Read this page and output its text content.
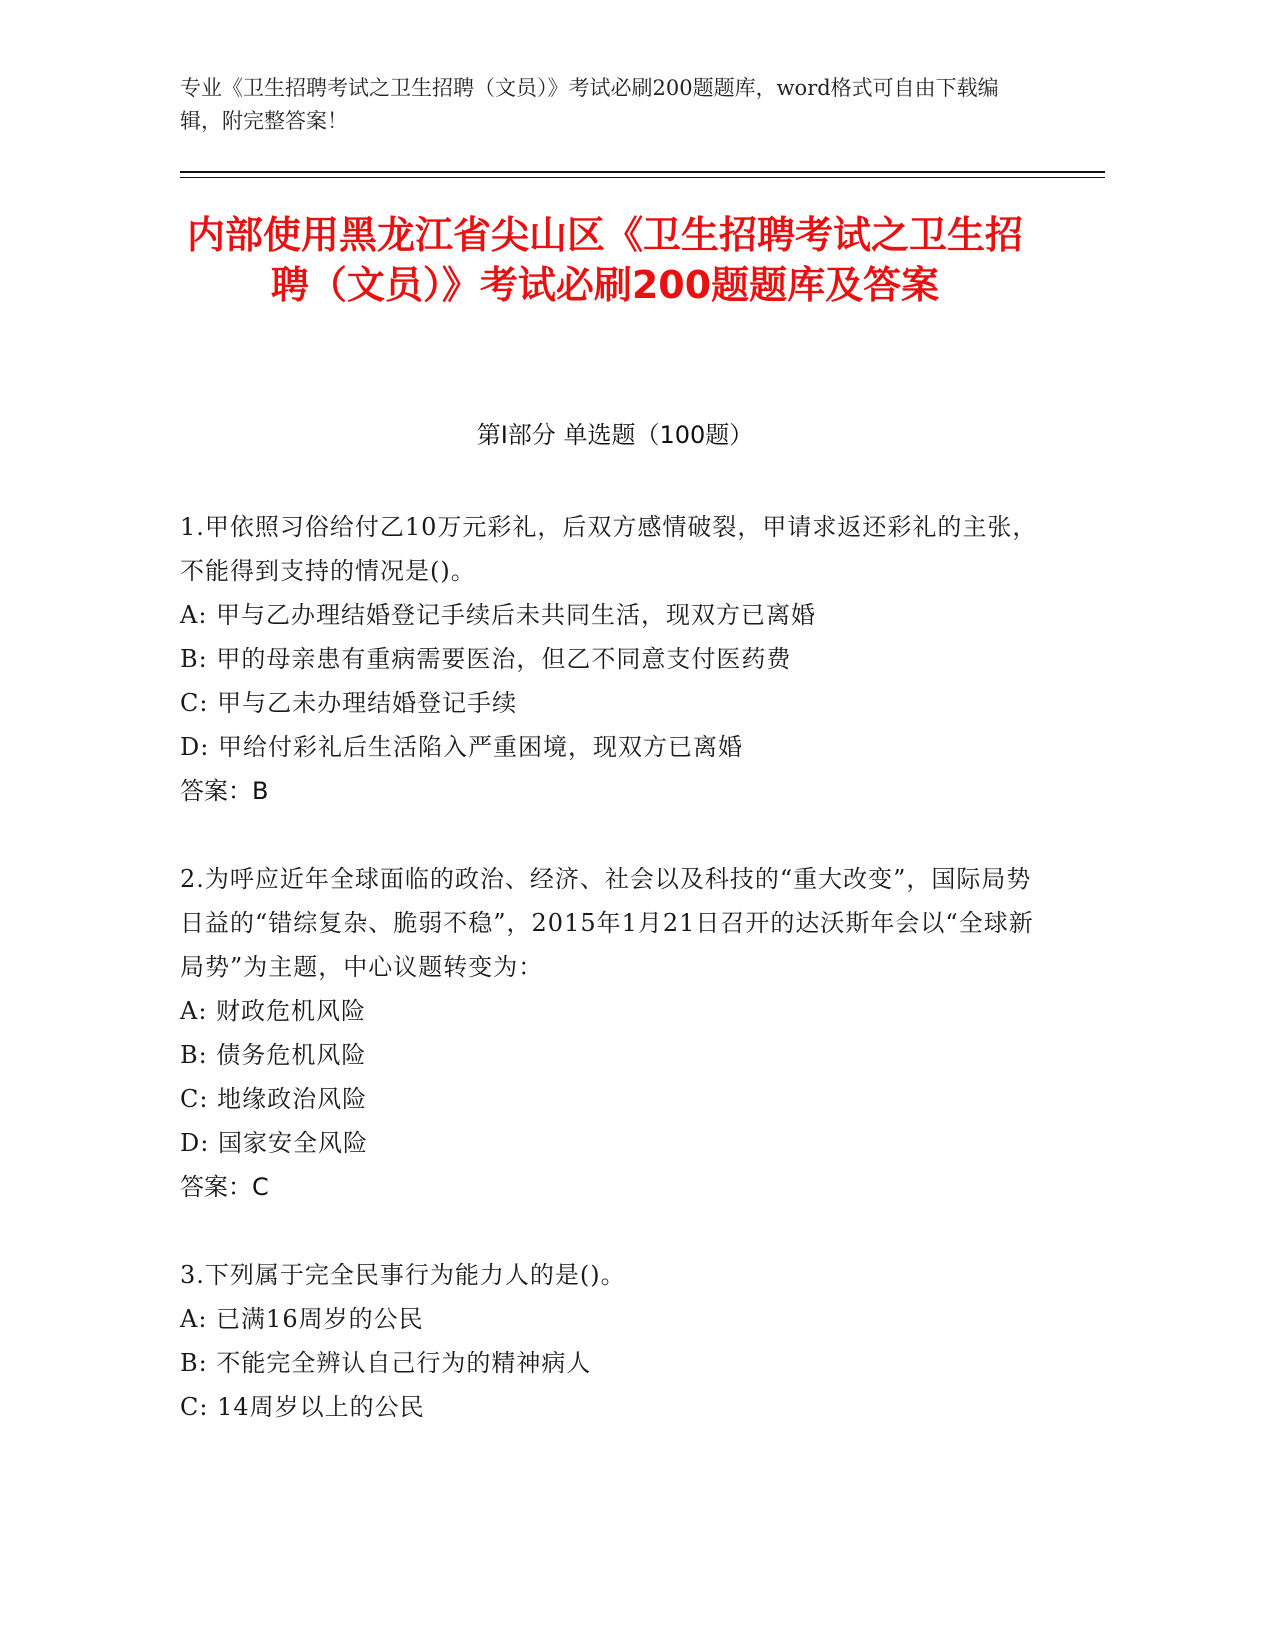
专业《卫生招聘考试之卫生招聘（文员）》考试必刷200题题库，word格式可自由下载编辑，附完整答案！
内部使用黑龙江省尖山区《卫生招聘考试之卫生招聘（文员）》考试必刷200题题库及答案
第Ⅰ部分 单选题（100题）
1.甲依照习俗给付乙10万元彩礼，后双方感情破裂，甲请求返还彩礼的主张，不能得到支持的情况是()。
A: 甲与乙办理结婚登记手续后未共同生活，现双方已离婚
B: 甲的母亲患有重病需要医治，但乙不同意支付医药费
C: 甲与乙未办理结婚登记手续
D: 甲给付彩礼后生活陷入严重困境，现双方已离婚
答案：B
2.为呼应近年全球面临的政治、经济、社会以及科技的“重大改变”，国际局势日益的“错综复杂、脆弱不稳”，2015年1月21日召开的达沃斯年会以“全球新局势”为主题，中心议题转变为：
A: 财政危机风险
B: 债务危机风险
C: 地缘政治风险
D: 国家安全风险
答案：C
3.下列属于完全民事行为能力人的是()。
A: 已满16周岁的公民
B: 不能完全辨认自己行为的精神病人
C: 14周岁以上的公民
